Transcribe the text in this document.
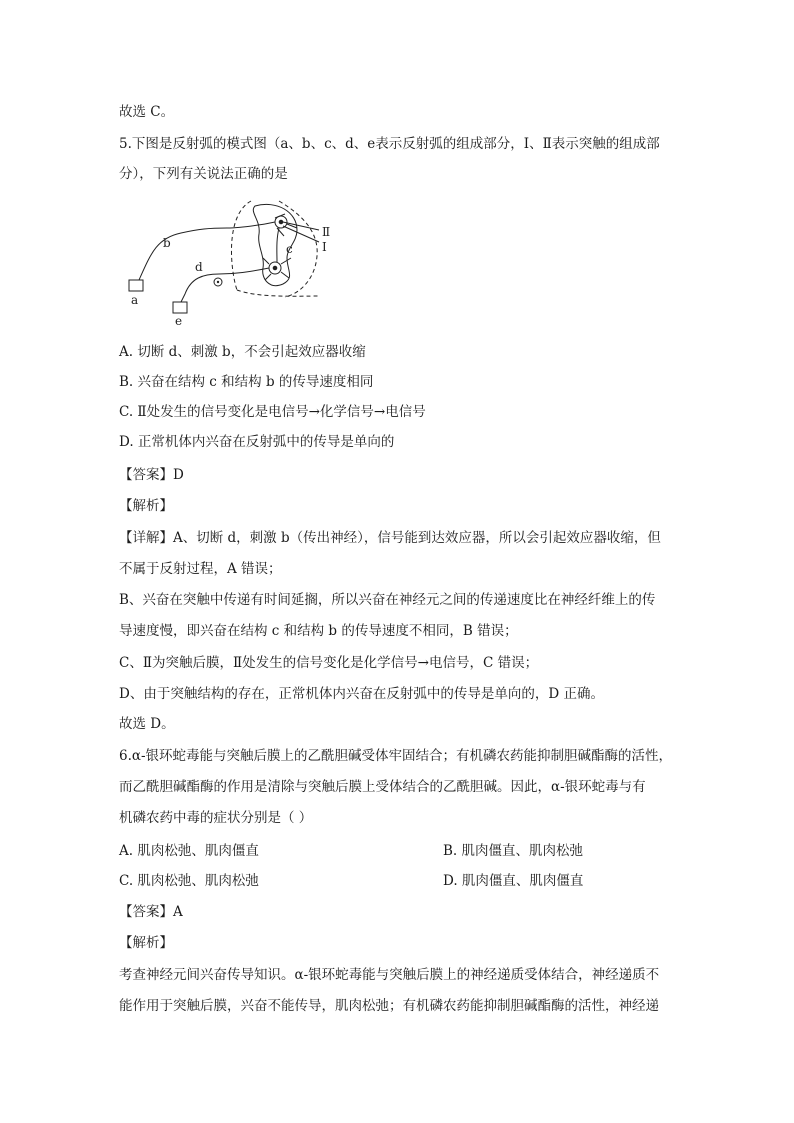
故选 C。
5.下图是反射弧的模式图（a、b、c、d、e表示反射弧的组成部分，I、Ⅱ表示突触的组成部
分），下列有关说法正确的是
b	c
d
a
e
Ⅱ
I
A. 切断 d、刺激 b，不会引起效应器收缩
B. 兴奋在结构 c 和结构 b 的传导速度相同
C. Ⅱ处发生的信号变化是电信号→化学信号→电信号
D. 正常机体内兴奋在反射弧中的传导是单向的
【答案】D
【解析】
【详解】A、切断 d，刺激 b（传出神经），信号能到达效应器，所以会引起效应器收缩，但
不属于反射过程，A 错误；
B、兴奋在突触中传递有时间延搁，所以兴奋在神经元之间的传递速度比在神经纤维上的传
导速度慢，即兴奋在结构 c 和结构 b 的传导速度不相同，B 错误；
C、Ⅱ为突触后膜，Ⅱ处发生的信号变化是化学信号→电信号，C 错误；
D、由于突触结构的存在，正常机体内兴奋在反射弧中的传导是单向的，D 正确。
故选 D。
6.α-银环蛇毒能与突触后膜上的乙酰胆碱受体牢固结合；有机磷农药能抑制胆碱酯酶的活性，
而乙酰胆碱酯酶的作用是清除与突触后膜上受体结合的乙酰胆碱。因此，α-银环蛇毒与有
机磷农药中毒的症状分别是（ ）
A. 肌肉松弛、肌肉僵直	B. 肌肉僵直、肌肉松弛
C. 肌肉松弛、肌肉松弛	D. 肌肉僵直、肌肉僵直
【答案】A
【解析】
考查神经元间兴奋传导知识。α-银环蛇毒能与突触后膜上的神经递质受体结合，神经递质不
能作用于突触后膜，兴奋不能传导，肌肉松弛；有机磷农药能抑制胆碱酯酶的活性，神经递
